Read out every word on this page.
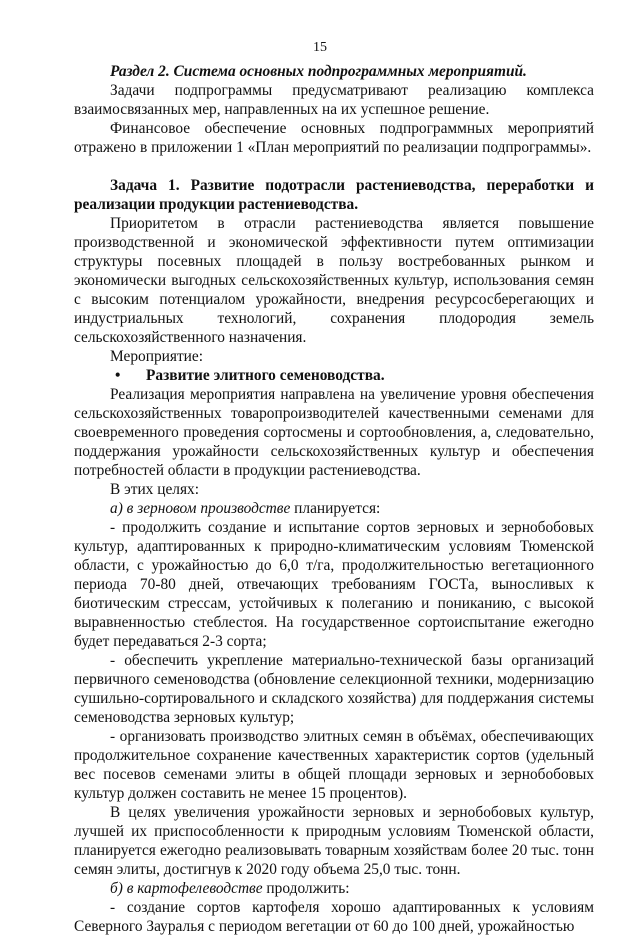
15

Раздел 2. Система основных подпрограммных мероприятий.

Задачи подпрограммы предусматривают реализацию комплекса взаимосвязанных мер, направленных на их успешное решение.

Финансовое обеспечение основных подпрограммных мероприятий отражено в приложении 1 «План мероприятий по реализации подпрограммы».

Задача 1. Развитие подотрасли растениеводства, переработки и реализации продукции растениеводства.

Приоритетом в отрасли растениеводства является повышение производственной и экономической эффективности путем оптимизации структуры посевных площадей в пользу востребованных рынком и экономически выгодных сельскохозяйственных культур, использования семян с высоким потенциалом урожайности, внедрения ресурсосберегающих и индустриальных технологий, сохранения плодородия земель сельскохозяйственного назначения.

Мероприятие:

• Развитие элитного семеноводства.

Реализация мероприятия направлена на увеличение уровня обеспечения сельскохозяйственных товаропроизводителей качественными семенами для своевременного проведения сортосмены и сортообновления, а, следовательно, поддержания урожайности сельскохозяйственных культур и обеспечения потребностей области в продукции растениеводства.

В этих целях:

а) в зерновом производстве планируется:

- продолжить создание и испытание сортов зерновых и зернобобовых культур, адаптированных к природно-климатическим условиям Тюменской области, с урожайностью до 6,0 т/га, продолжительностью вегетационного периода 70-80 дней, отвечающих требованиям ГОСТа, выносливых к биотическим стрессам, устойчивых к полеганию и пониканию, с высокой выравненностью стеблестоя. На государственное сортоиспытание ежегодно будет передаваться 2-3 сорта;

- обеспечить укрепление материально-технической базы организаций первичного семеноводства (обновление селекционной техники, модернизацию сушильно-сортировального и складского хозяйства) для поддержания системы семеноводства зерновых культур;

- организовать производство элитных семян в объёмах, обеспечивающих продолжительное сохранение качественных характеристик сортов (удельный вес посевов семенами элиты в общей площади зерновых и зернобобовых культур должен составить не менее 15 процентов).

В целях увеличения урожайности зерновых и зернобобовых культур, лучшей их приспособленности к природным условиям Тюменской области, планируется ежегодно реализовывать товарным хозяйствам более 20 тыс. тонн семян элиты, достигнув к 2020 году объема 25,0 тыс. тонн.

б) в картофелеводстве продолжить:

- создание сортов картофеля хорошо адаптированных к условиям Северного Зауралья с периодом вегетации от 60 до 100 дней, урожайностью
